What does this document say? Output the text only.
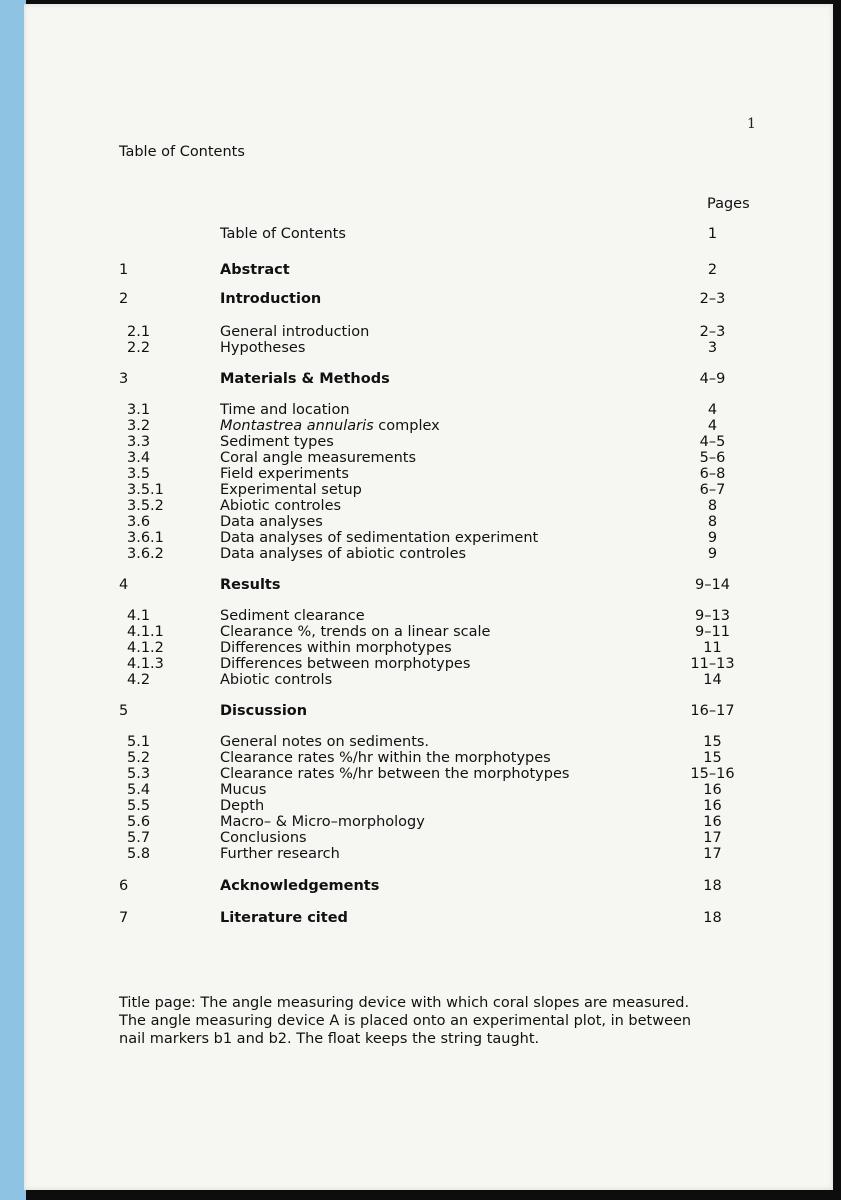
1
Table of Contents
Pages
Table of Contents	1
1	Abstract	2
2	Introduction	2–3
2.1	General introduction	2–3
2.2	Hypotheses	3
3	Materials & Methods	4–9
3.1	Time and location	4
3.2	Montastrea annularis complex	4
3.3	Sediment types	4–5
3.4	Coral angle measurements	5–6
3.5	Field experiments	6–8
3.5.1	Experimental setup	6–7
3.5.2	Abiotic controles	8
3.6	Data analyses	8
3.6.1	Data analyses of sedimentation experiment	9
3.6.2	Data analyses of abiotic controles	9
4	Results	9–14
4.1	Sediment clearance	9–13
4.1.1	Clearance %, trends on a linear scale	9–11
4.1.2	Differences within morphotypes	11
4.1.3	Differences between morphotypes	11–13
4.2	Abiotic controls	14
5	Discussion	16–17
5.1	General notes on sediments.	15
5.2	Clearance rates %/hr within the morphotypes	15
5.3	Clearance rates %/hr between the morphotypes	15–16
5.4	Mucus	16
5.5	Depth	16
5.6	Macro– & Micro–morphology	16
5.7	Conclusions	17
5.8	Further research	17
6	Acknowledgements	18
7	Literature cited	18
Title page: The angle measuring device with which coral slopes are measured.
The angle measuring device A is placed onto an experimental plot, in between
nail markers b1 and b2. The float keeps the string taught.
